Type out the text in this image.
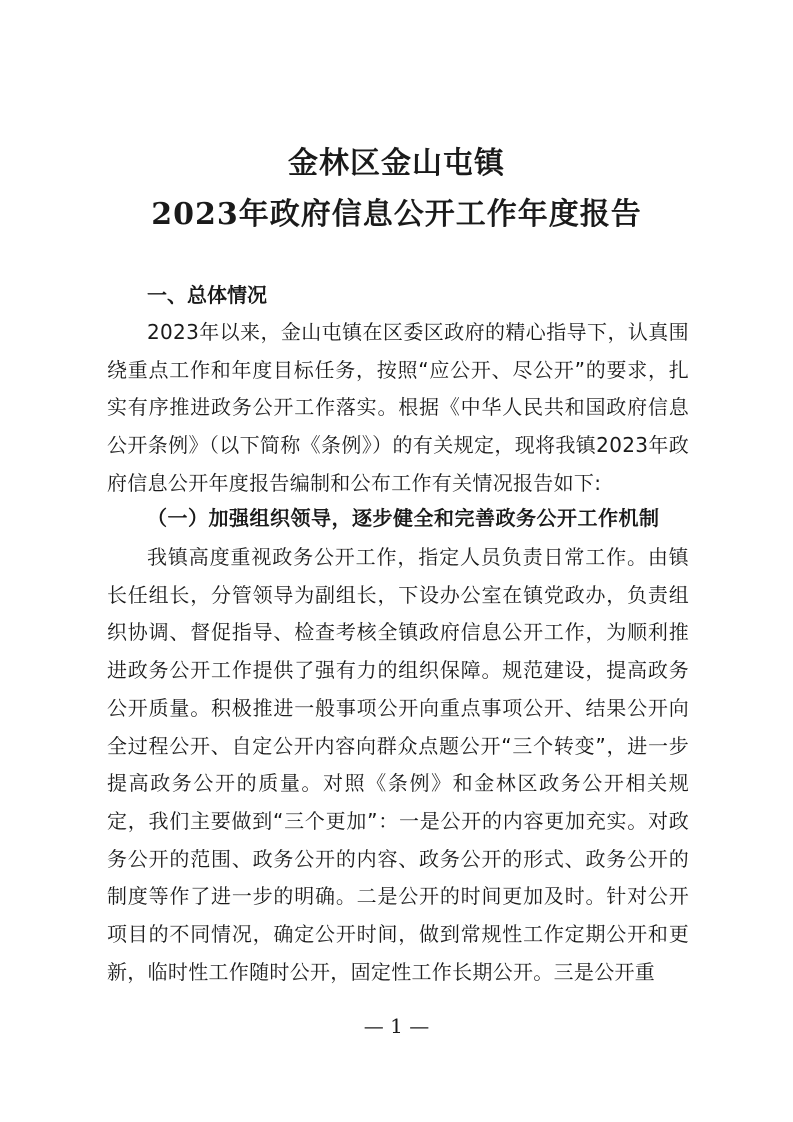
金林区金山屯镇
2023年政府信息公开工作年度报告
一、总体情况

2023年以来，金山屯镇在区委区政府的精心指导下，认真围绕重点工作和年度目标任务，按照“应公开、尽公开”的要求，扎实有序推进政务公开工作落实。根据《中华人民共和国政府信息公开条例》（以下简称《条例》）的有关规定，现将我镇2023年政府信息公开年度报告编制和公布工作有关情况报告如下:

（一）加强组织领导，逐步健全和完善政务公开工作机制

我镇高度重视政务公开工作，指定人员负责日常工作。由镇长任组长，分管领导为副组长，下设办公室在镇党政办，负责组织协调、督促指导、检查考核全镇政府信息公开工作，为顺利推进政务公开工作提供了强有力的组织保障。规范建设，提高政务公开质量。积极推进一般事项公开向重点事项公开、结果公开向全过程公开、自定公开内容向群众点题公开“三个转变”，进一步提高政务公开的质量。对照《条例》和金林区政务公开相关规定，我们主要做到“三个更加”：一是公开的内容更加充实。对政务公开的范围、政务公开的内容、政务公开的形式、政务公开的制度等作了进一步的明确。二是公开的时间更加及时。针对公开项目的不同情况，确定公开时间，做到常规性工作定期公开和更新，临时性工作随时公开，固定性工作长期公开。三是公开重

— 1 —
